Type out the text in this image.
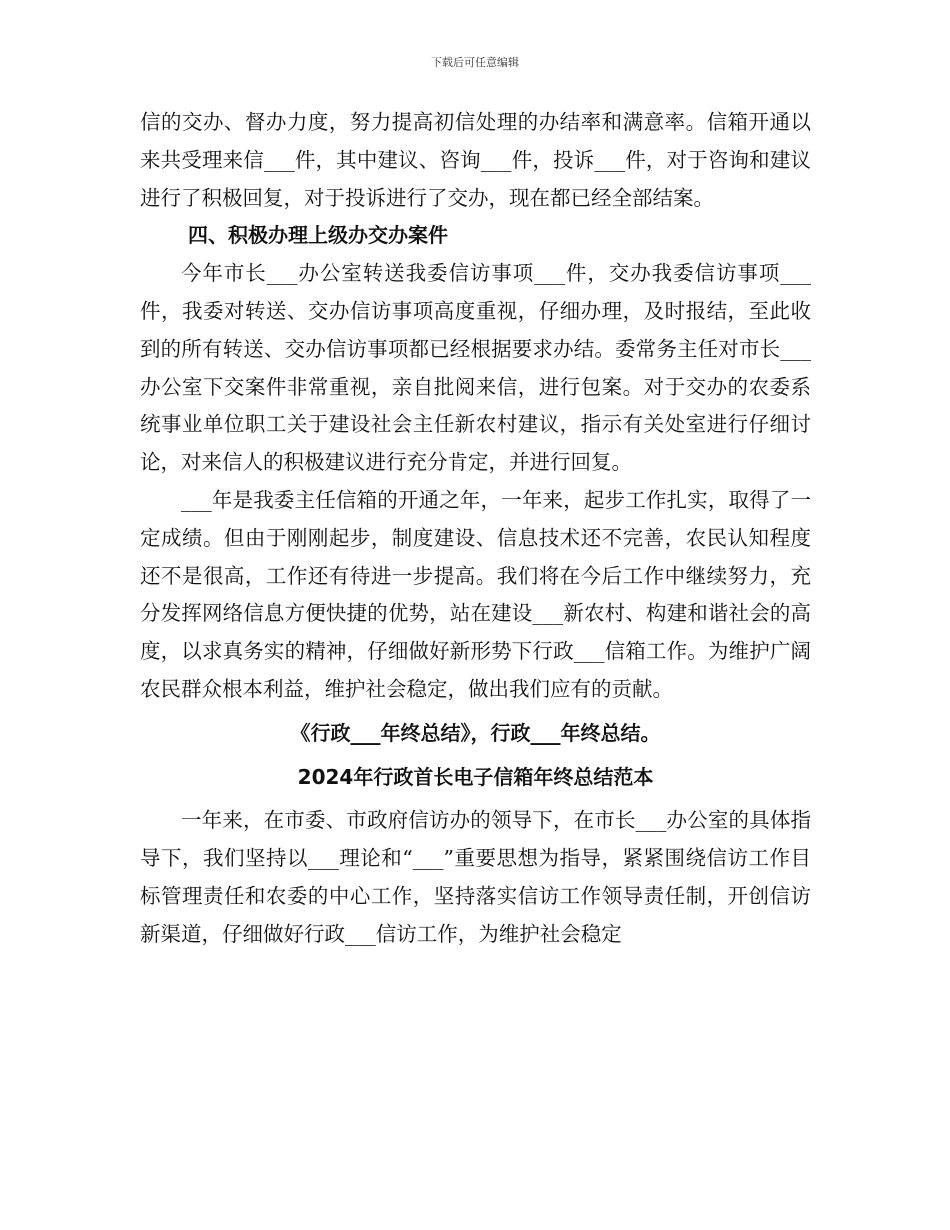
下载后可任意编辑

信的交办、督办力度，努力提高初信处理的办结率和满意率。信箱开通以来共受理来信___件，其中建议、咨询___件，投诉___件，对于咨询和建议进行了积极回复，对于投诉进行了交办，现在都已经全部结案。

四、积极办理上级办交办案件

今年市长___办公室转送我委信访事项___件，交办我委信访事项___件，我委对转送、交办信访事项高度重视，仔细办理，及时报结，至此收到的所有转送、交办信访事项都已经根据要求办结。委常务主任对市长___办公室下交案件非常重视，亲自批阅来信，进行包案。对于交办的农委系统事业单位职工关于建设社会主任新农村建议，指示有关处室进行仔细讨论，对来信人的积极建议进行充分肯定，并进行回复。

___年是我委主任信箱的开通之年，一年来，起步工作扎实，取得了一定成绩。但由于刚刚起步，制度建设、信息技术还不完善，农民认知程度还不是很高，工作还有待进一步提高。我们将在今后工作中继续努力，充分发挥网络信息方便快捷的优势，站在建设___新农村、构建和谐社会的高度，以求真务实的精神，仔细做好新形势下行政___信箱工作。为维护广阔农民群众根本利益，维护社会稳定，做出我们应有的贡献。

《行政___年终总结》，行政___年终总结。

2024年行政首长电子信箱年终总结范本

一年来，在市委、市政府信访办的领导下，在市长___办公室的具体指导下，我们坚持以___理论和“___”重要思想为指导，紧紧围绕信访工作目标管理责任和农委的中心工作，坚持落实信访工作领导责任制，开创信访新渠道，仔细做好行政___信访工作，为维护社会稳定
